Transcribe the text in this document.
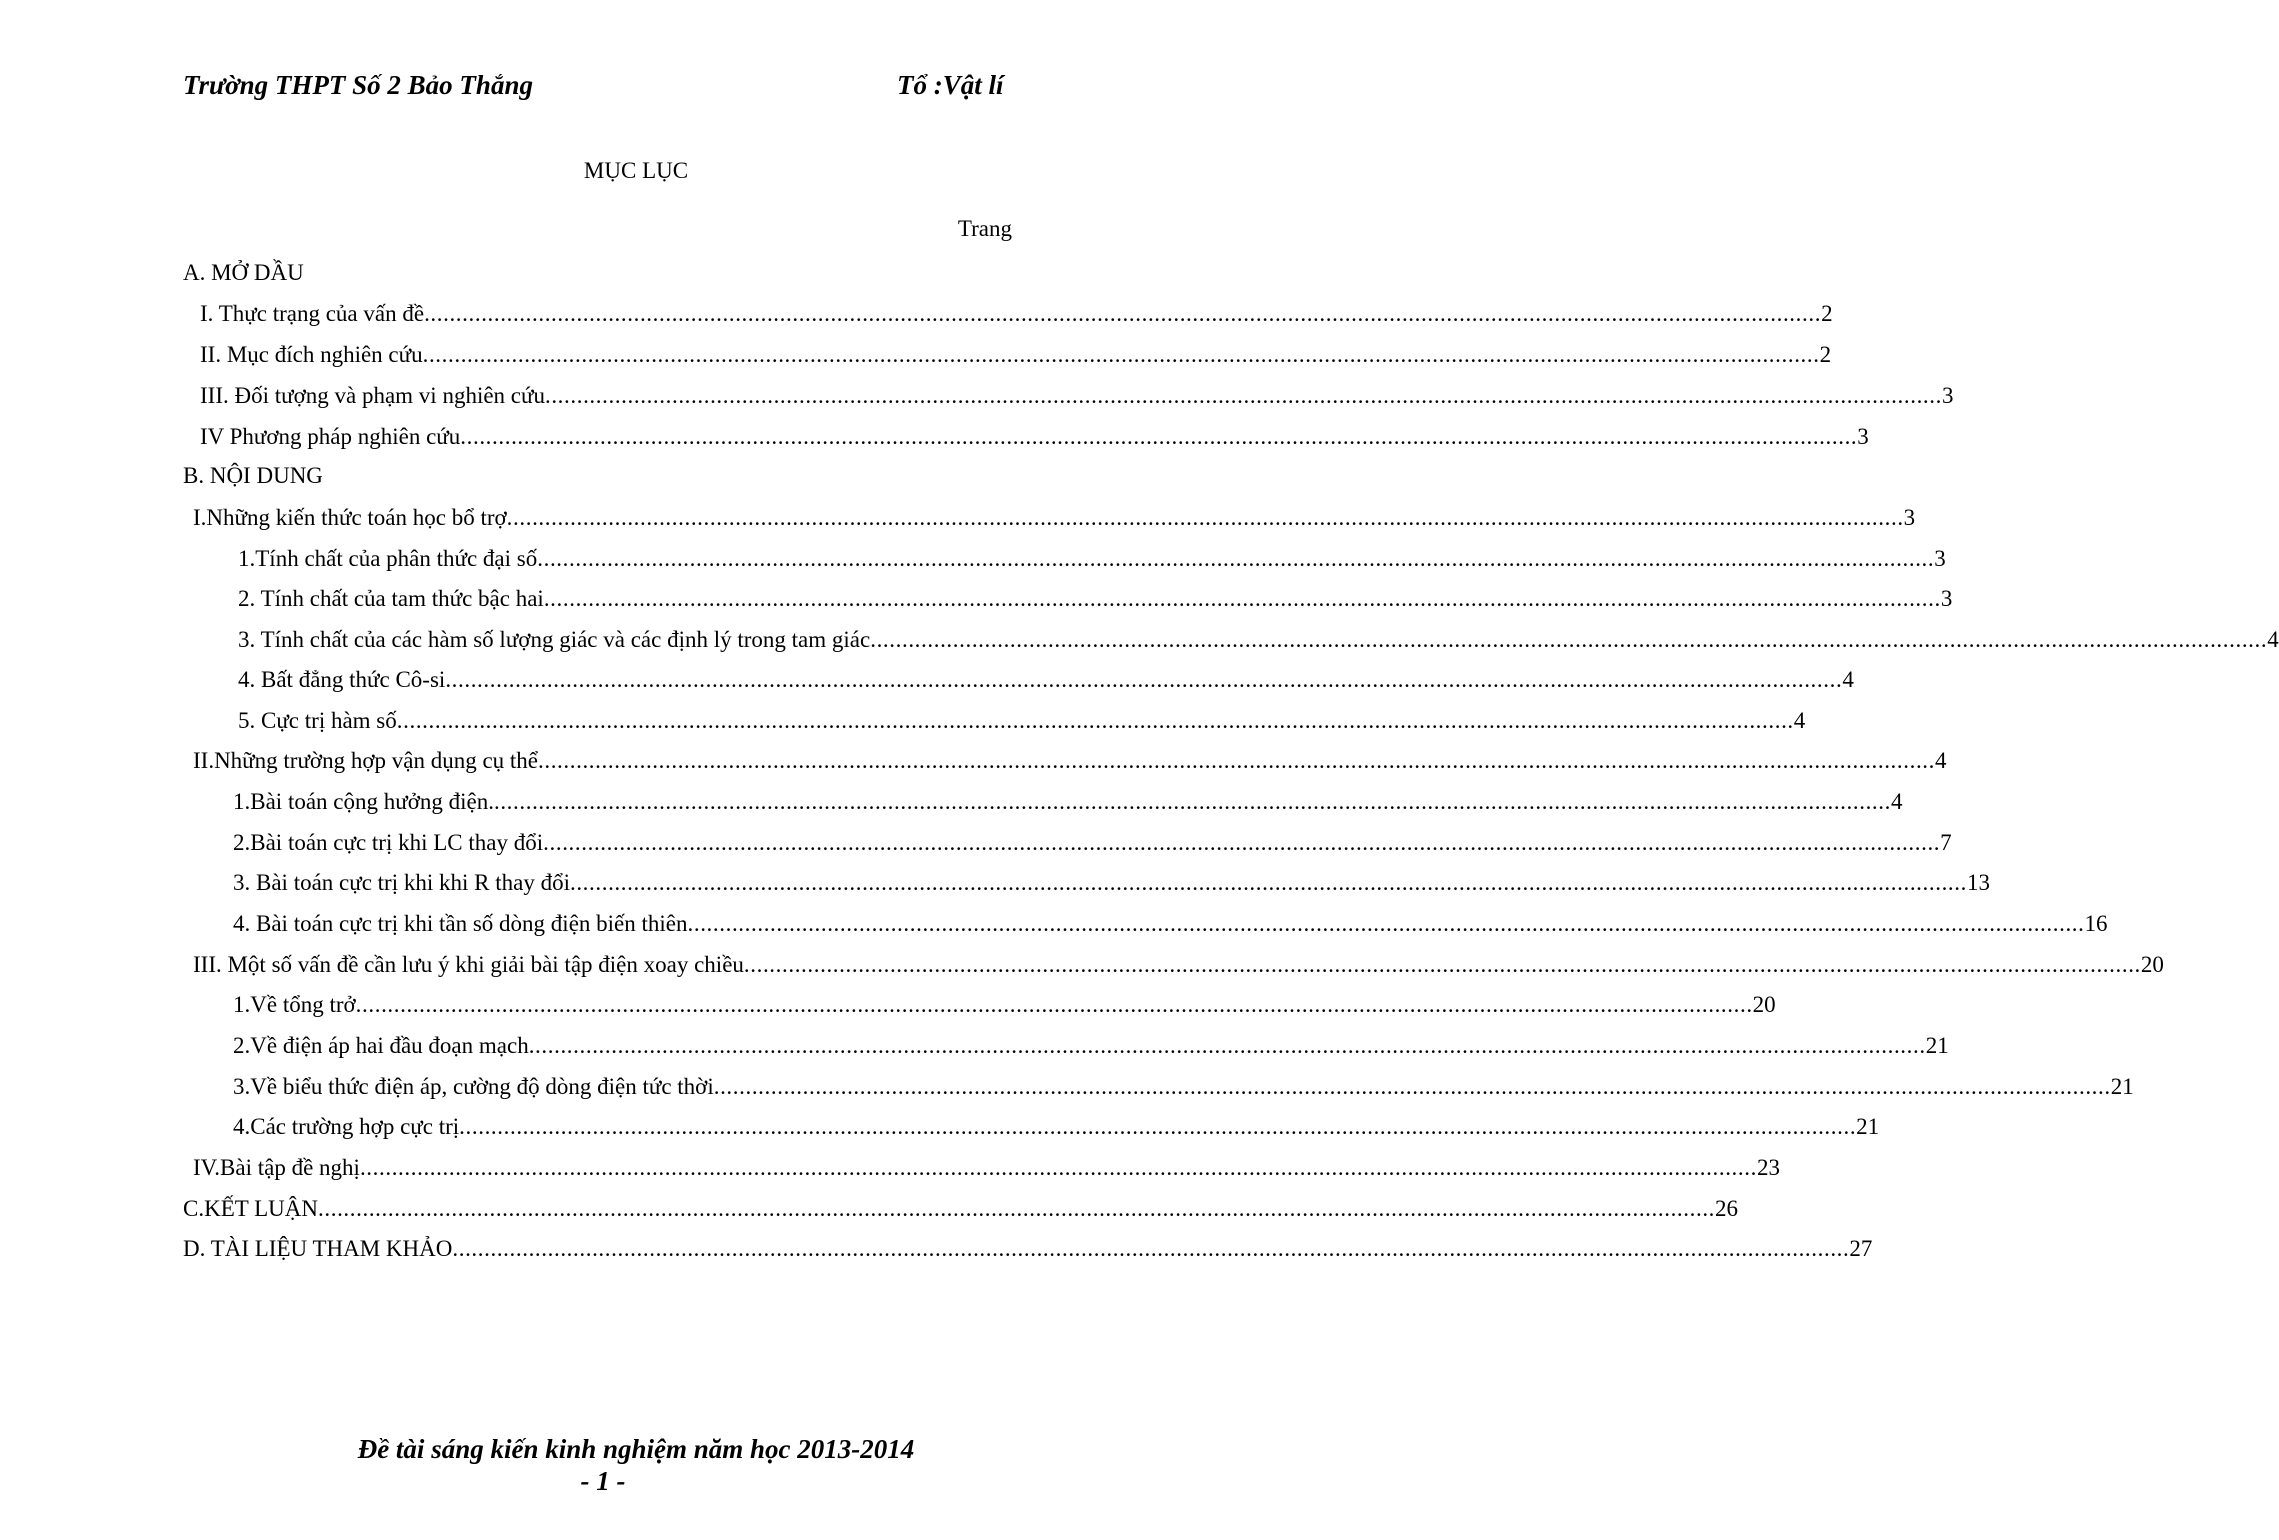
Trường THPT Số 2 Bảo Thắng	Tổ :Vật lí
MỤC LỤC
Trang
A. MỞ DẦU
I. Thực trạng của vấn đề ............................................................................................................................................................................................................................ 2
II. Mục đích nghiên cứu ............................................................................................................................................................................................................................ 2
III. Đối tượng và phạm vi nghiên cứu ............................................................................................................................................................................................................................ 3
IV Phương pháp nghiên cứu ............................................................................................................................................................................................................................ 3
B. NỘI DUNG
I.Những kiến thức toán học bổ trợ ............................................................................................................................................................................................................................ 3
1.Tính chất của phân thức đại số ............................................................................................................................................................................................................................ 3
2. Tính chất của tam thức bậc hai ............................................................................................................................................................................................................................ 3
3. Tính chất của các hàm số lượng giác và các định lý trong tam giác ............................................................................................................................................................................................................................ 4
4. Bất đẳng thức Cô-si ............................................................................................................................................................................................................................ 4
5. Cực trị hàm số ............................................................................................................................................................................................................................ 4
II.Những trường hợp vận dụng cụ thể ............................................................................................................................................................................................................................ 4
1.Bài toán cộng hưởng điện. ............................................................................................................................................................................................................................ 4
2.Bài toán cực trị khi LC thay đổi ............................................................................................................................................................................................................................ 7
3. Bài toán cực trị khi khi R thay đổi ............................................................................................................................................................................................................................ 13
4. Bài toán cực trị khi tần số dòng điện biến thiên ............................................................................................................................................................................................................................ 16
III. Một số vấn đề cần lưu ý khi giải bài tập điện xoay chiều ............................................................................................................................................................................................................................ 20
1.Về tổng trở ............................................................................................................................................................................................................................ 20
2.Về điện áp hai đầu đoạn mạch ............................................................................................................................................................................................................................ 21
3.Về biểu thức điện áp, cường độ dòng điện tức thời ............................................................................................................................................................................................................................ 21
4.Các trường hợp cực trị ............................................................................................................................................................................................................................ 21
IV.Bài tập đề nghị ............................................................................................................................................................................................................................ 23
C.KẾT LUẬN ............................................................................................................................................................................................................................ 26
D. TÀI LIỆU THAM KHẢO ............................................................................................................................................................................................................................ 27
Đề tài sáng kiến kinh nghiệm năm học 2013-2014
- 1 -
